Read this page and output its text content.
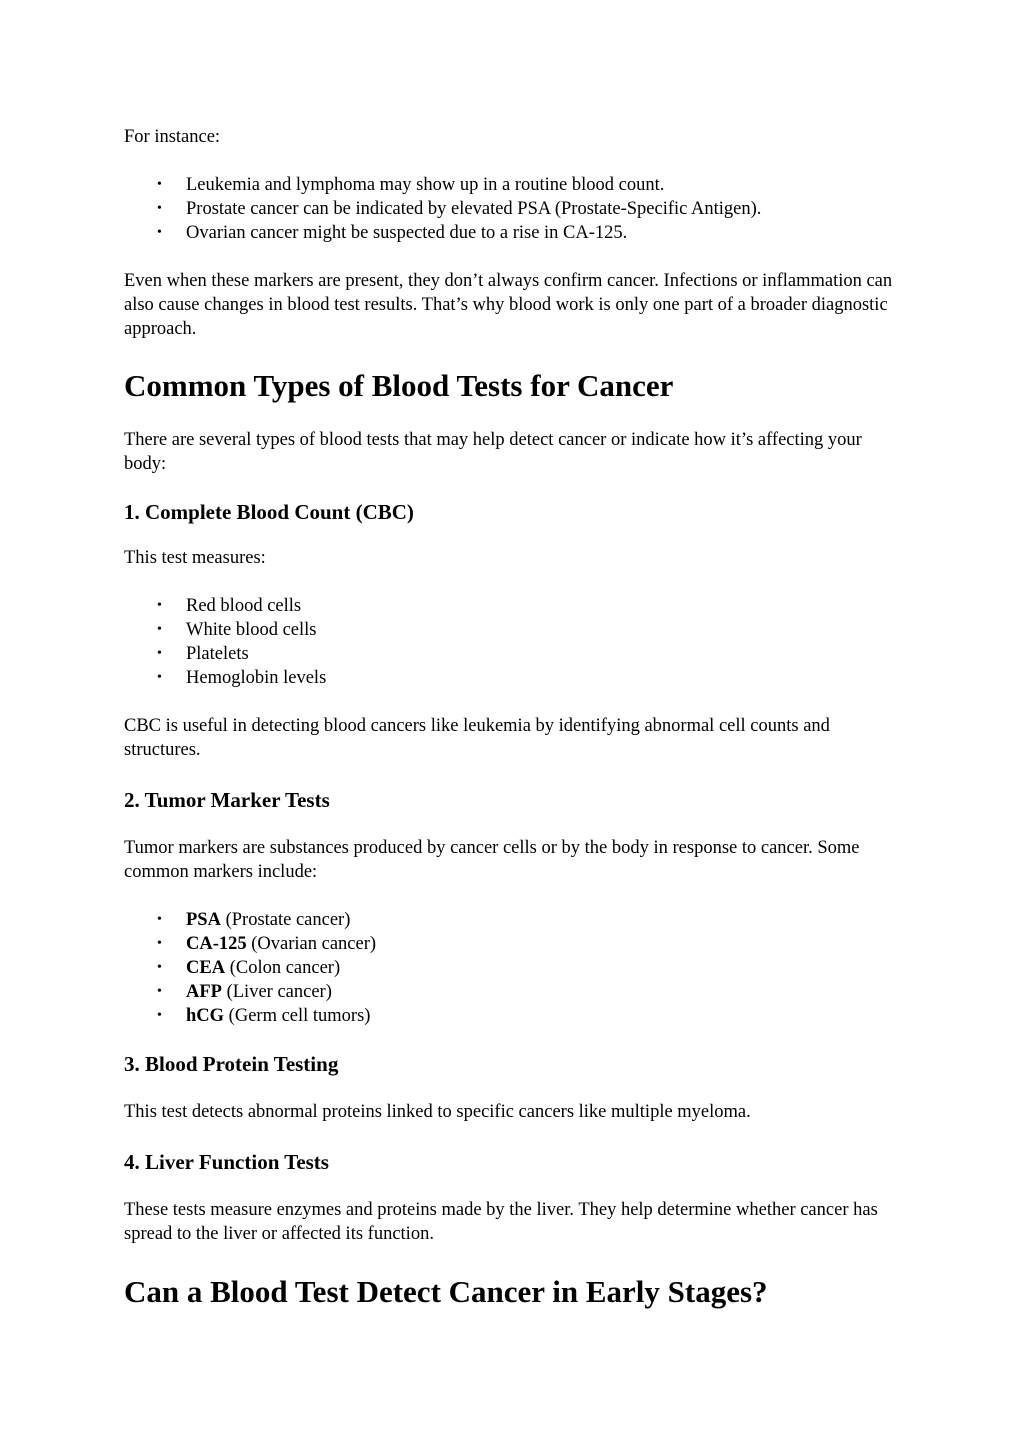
For instance:

• Leukemia and lymphoma may show up in a routine blood count.
• Prostate cancer can be indicated by elevated PSA (Prostate-Specific Antigen).
• Ovarian cancer might be suspected due to a rise in CA-125.

Even when these markers are present, they don’t always confirm cancer. Infections or inflammation can also cause changes in blood test results. That’s why blood work is only one part of a broader diagnostic approach.

Common Types of Blood Tests for Cancer

There are several types of blood tests that may help detect cancer or indicate how it’s affecting your body:

1. Complete Blood Count (CBC)

This test measures:

• Red blood cells
• White blood cells
• Platelets
• Hemoglobin levels

CBC is useful in detecting blood cancers like leukemia by identifying abnormal cell counts and structures.

2. Tumor Marker Tests

Tumor markers are substances produced by cancer cells or by the body in response to cancer. Some common markers include:

• PSA (Prostate cancer)
• CA-125 (Ovarian cancer)
• CEA (Colon cancer)
• AFP (Liver cancer)
• hCG (Germ cell tumors)
3. Blood Protein Testing

This test detects abnormal proteins linked to specific cancers like multiple myeloma.

4. Liver Function Tests

These tests measure enzymes and proteins made by the liver. They help determine whether cancer has spread to the liver or affected its function.

Can a Blood Test Detect Cancer in Early Stages?
